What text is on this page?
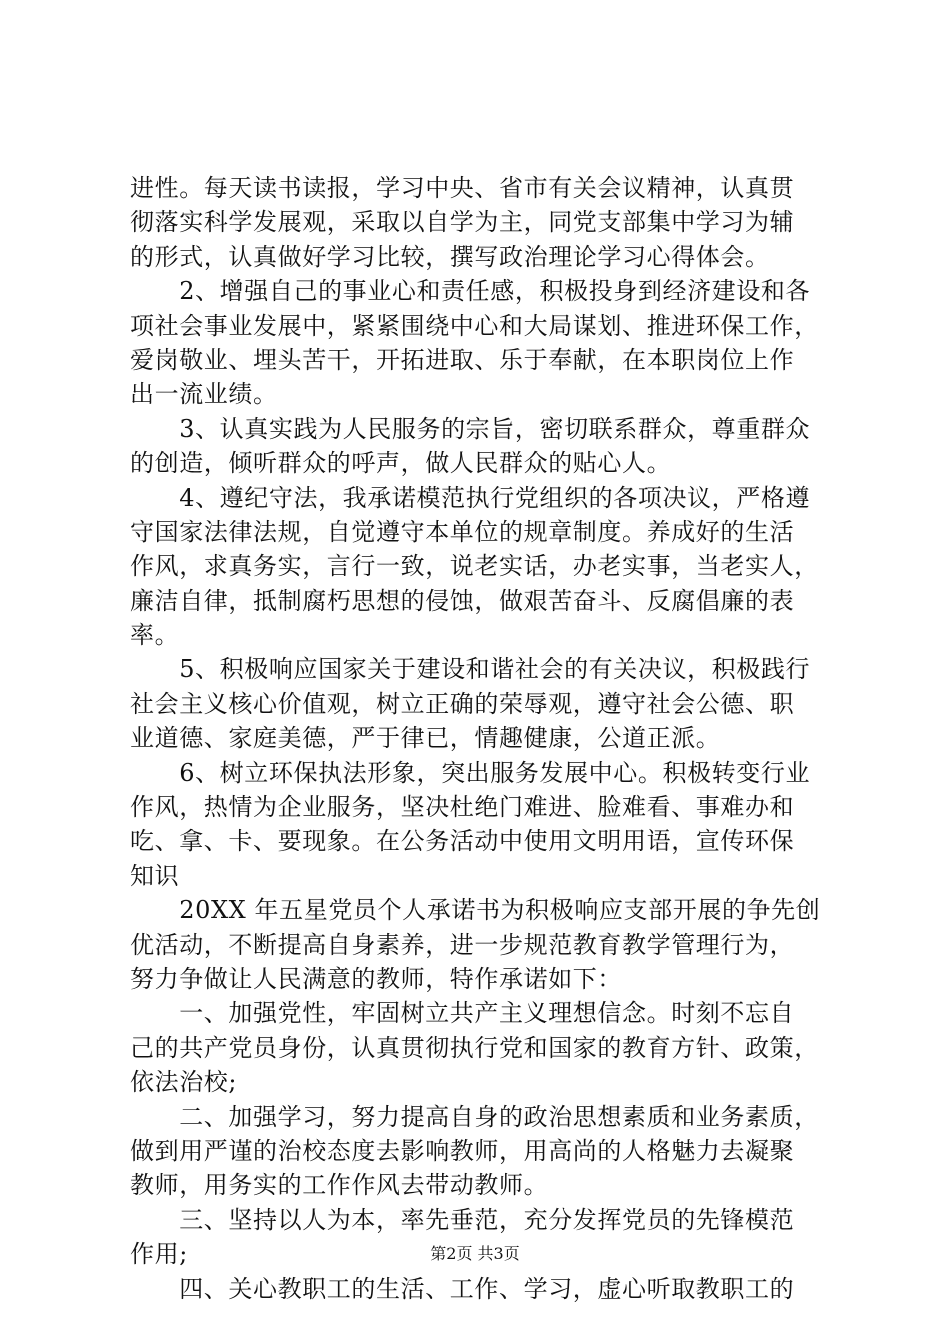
进性。每天读书读报，学习中央、省市有关会议精神，认真贯
彻落实科学发展观，采取以自学为主，同党支部集中学习为辅
的形式，认真做好学习比较，撰写政治理论学习心得体会。
　　2、增强自己的事业心和责任感，积极投身到经济建设和各
项社会事业发展中，紧紧围绕中心和大局谋划、推进环保工作，
爱岗敬业、埋头苦干，开拓进取、乐于奉献，在本职岗位上作
出一流业绩。
　　3、认真实践为人民服务的宗旨，密切联系群众，尊重群众
的创造，倾听群众的呼声，做人民群众的贴心人。
　　4、遵纪守法，我承诺模范执行党组织的各项决议，严格遵
守国家法律法规，自觉遵守本单位的规章制度。养成好的生活
作风，求真务实，言行一致，说老实话，办老实事，当老实人，
廉洁自律，抵制腐朽思想的侵蚀，做艰苦奋斗、反腐倡廉的表
率。
　　5、积极响应国家关于建设和谐社会的有关决议，积极践行
社会主义核心价值观，树立正确的荣辱观，遵守社会公德、职
业道德、家庭美德，严于律已，情趣健康，公道正派。
　　6、树立环保执法形象，突出服务发展中心。积极转变行业
作风，热情为企业服务，坚决杜绝门难进、脸难看、事难办和
吃、拿、卡、要现象。在公务活动中使用文明用语，宣传环保
知识
　　20XX 年五星党员个人承诺书为积极响应支部开展的争先创
优活动，不断提高自身素养，进一步规范教育教学管理行为，
努力争做让人民满意的教师，特作承诺如下：
　　一、加强党性，牢固树立共产主义理想信念。时刻不忘自
己的共产党员身份，认真贯彻执行党和国家的教育方针、政策，
依法治校;
　　二、加强学习，努力提高自身的政治思想素质和业务素质，
做到用严谨的治校态度去影响教师，用高尚的人格魅力去凝聚
教师，用务实的工作作风去带动教师。
　　三、坚持以人为本，率先垂范，充分发挥党员的先锋模范
作用;
　　四、关心教职工的生活、工作、学习，虚心听取教职工的
第2页 共3页
